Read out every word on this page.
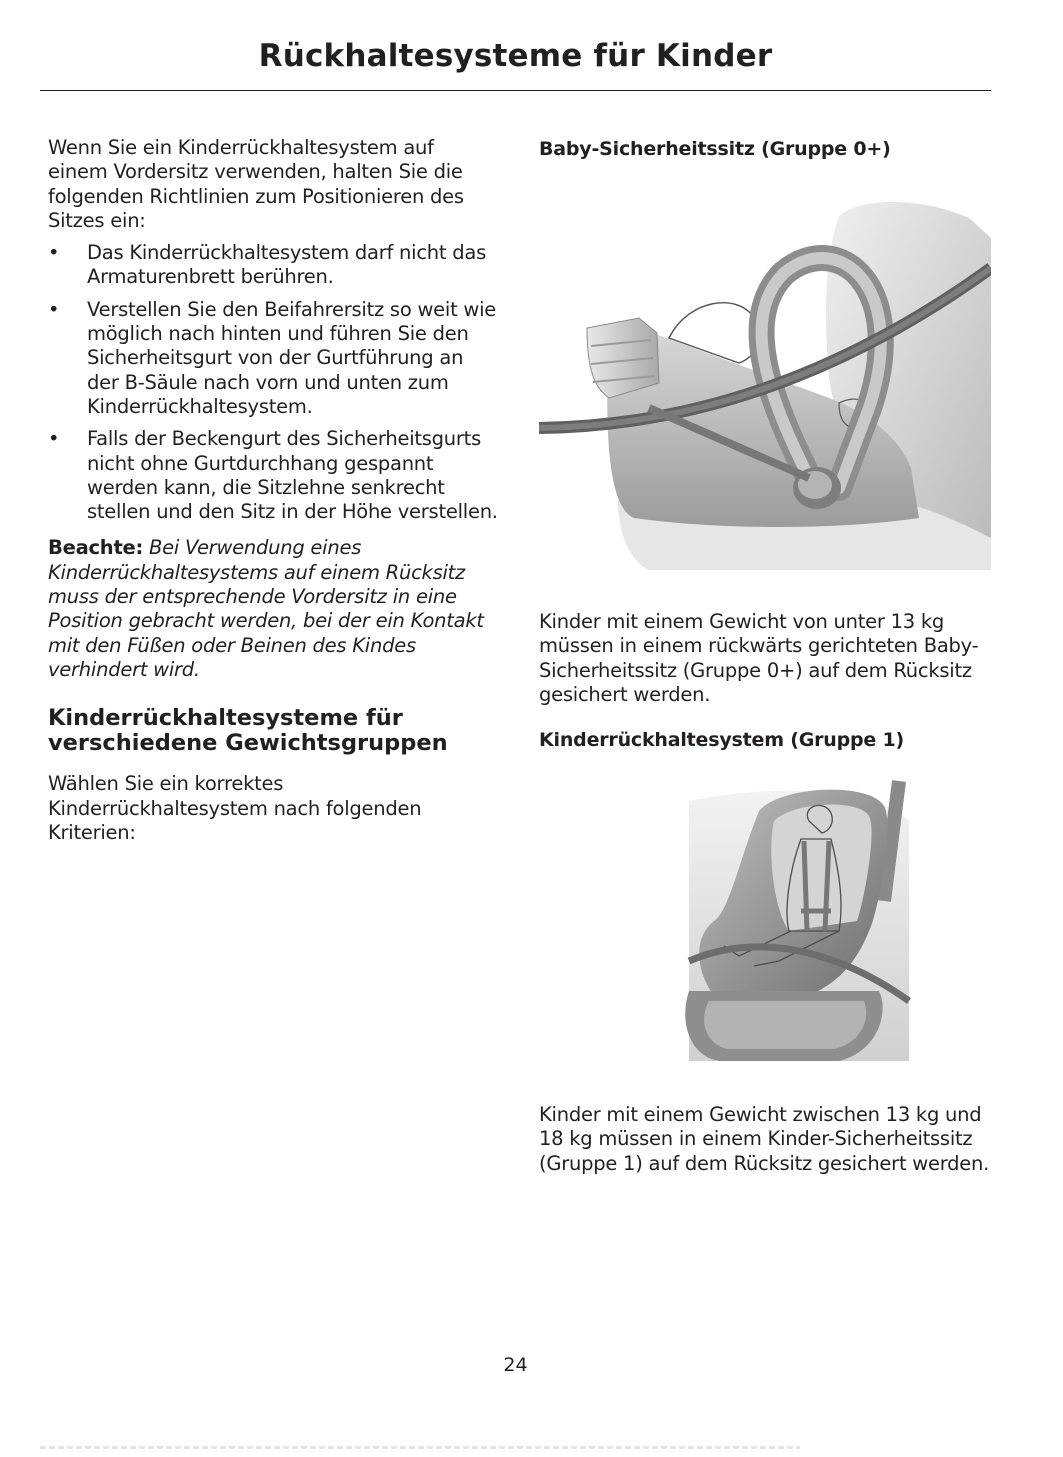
Rückhaltesysteme für Kinder

Wenn Sie ein Kinderrückhaltesystem auf einem Vordersitz verwenden, halten Sie die folgenden Richtlinien zum Positionieren des Sitzes ein:

• Das Kinderrückhaltesystem darf nicht das Armaturenbrett berühren.
• Verstellen Sie den Beifahrersitz so weit wie möglich nach hinten und führen Sie den Sicherheitsgurt von der Gurtführung an der B-Säule nach vorn und unten zum Kinderrückhaltesystem.
• Falls der Beckengurt des Sicherheitsgurts nicht ohne Gurtdurchhang gespannt werden kann, die Sitzlehne senkrecht stellen und den Sitz in der Höhe verstellen.

Beachte: Bei Verwendung eines Kinderrückhaltesystems auf einem Rücksitz muss der entsprechende Vordersitz in eine Position gebracht werden, bei der ein Kontakt mit den Füßen oder Beinen des Kindes verhindert wird.

Kinderrückhaltesysteme für verschiedene Gewichtsgruppen

Wählen Sie ein korrektes Kinderrückhaltesystem nach folgenden Kriterien:

Baby-Sicherheitssitz (Gruppe 0+)

Kinder mit einem Gewicht von unter 13 kg müssen in einem rückwärts gerichteten Baby-Sicherheitssitz (Gruppe 0+) auf dem Rücksitz gesichert werden.

Kinderrückhaltesystem (Gruppe 1)

Kinder mit einem Gewicht zwischen 13 kg und 18 kg müssen in einem Kinder-Sicherheitssitz (Gruppe 1) auf dem Rücksitz gesichert werden.

24
